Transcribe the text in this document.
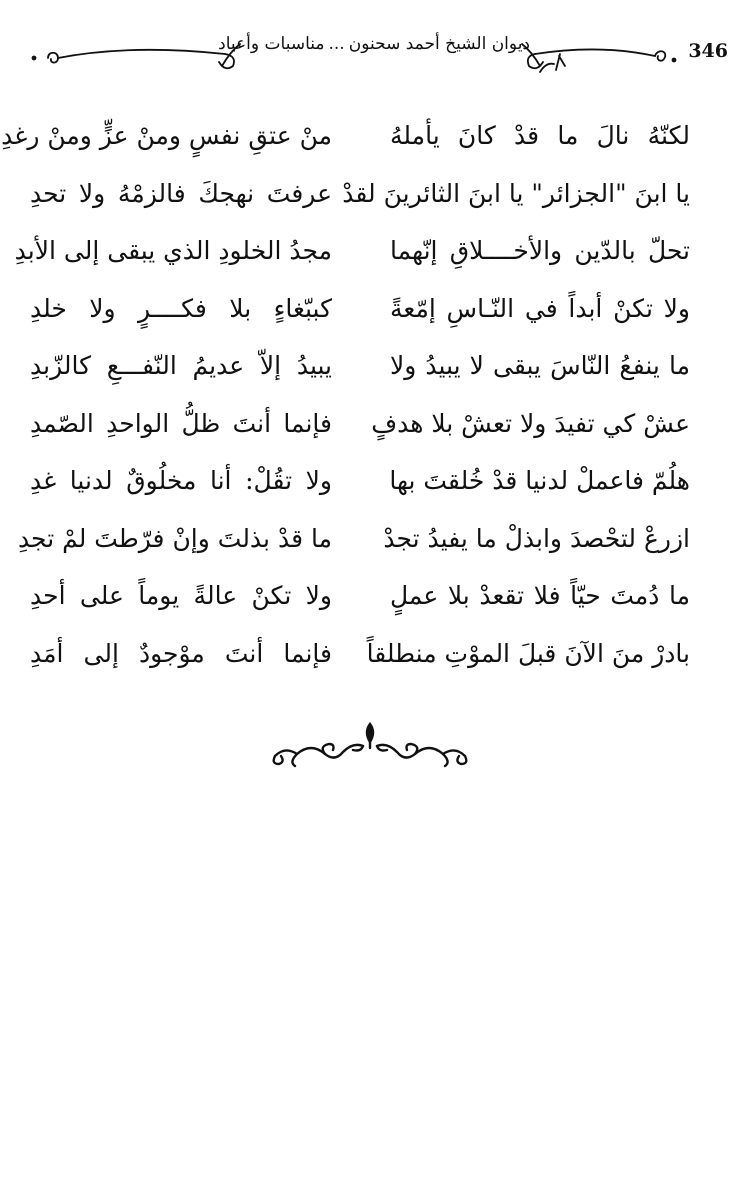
346
ديوان الشيخ أحمد سحنون...مناسبات وأعياد
لكنّهُ نالَ ما قدْ كانَ يأملهُ
منْ عتقِ نفسٍ ومنْ عزٍّ ومنْ رغدِ
يا ابنَ "الجزائر" يا ابنَ الثائرينَ لقدْ
عرفتَ نهجكَ فالزمْهُ ولا تحدِ
تحلّ بالدّين والأخــــلاقِ إنّهما
مجدُ الخلودِ الذي يبقى إلى الأبدِ
ولا تكنْ أبداً في النّـاسِ إمّعةً
كببّغاءٍ بلا فكــــرٍ ولا خلدِ
ما ينفعُ النّاسَ يبقى لا يبيدُ ولا
يبيدُ إلاّ عديمُ النّفـــعِ كالزّبدِ
عشْ كي تفيدَ ولا تعشْ بلا هدفٍ
فإنما أنتَ ظلُّ الواحدِ الصّمدِ
هلُمّ فاعملْ لدنيا قدْ خُلقتَ بها
ولا تقُلْ: أنا مخلُوقٌ لدنيا غدِ
ازرعْ لتحْصدَ وابذلْ ما يفيدُ تجدْ
ما قدْ بذلتَ وإنْ فرّطتَ لمْ تجدِ
ما دُمتَ حيّاً فلا تقعدْ بلا عملٍ
ولا تكنْ عالةً يوماً على أحدِ
بادرْ منَ الآنَ قبلَ الموْتِ منطلقاً
فإنما أنتَ موْجودٌ إلى أمَدِ
